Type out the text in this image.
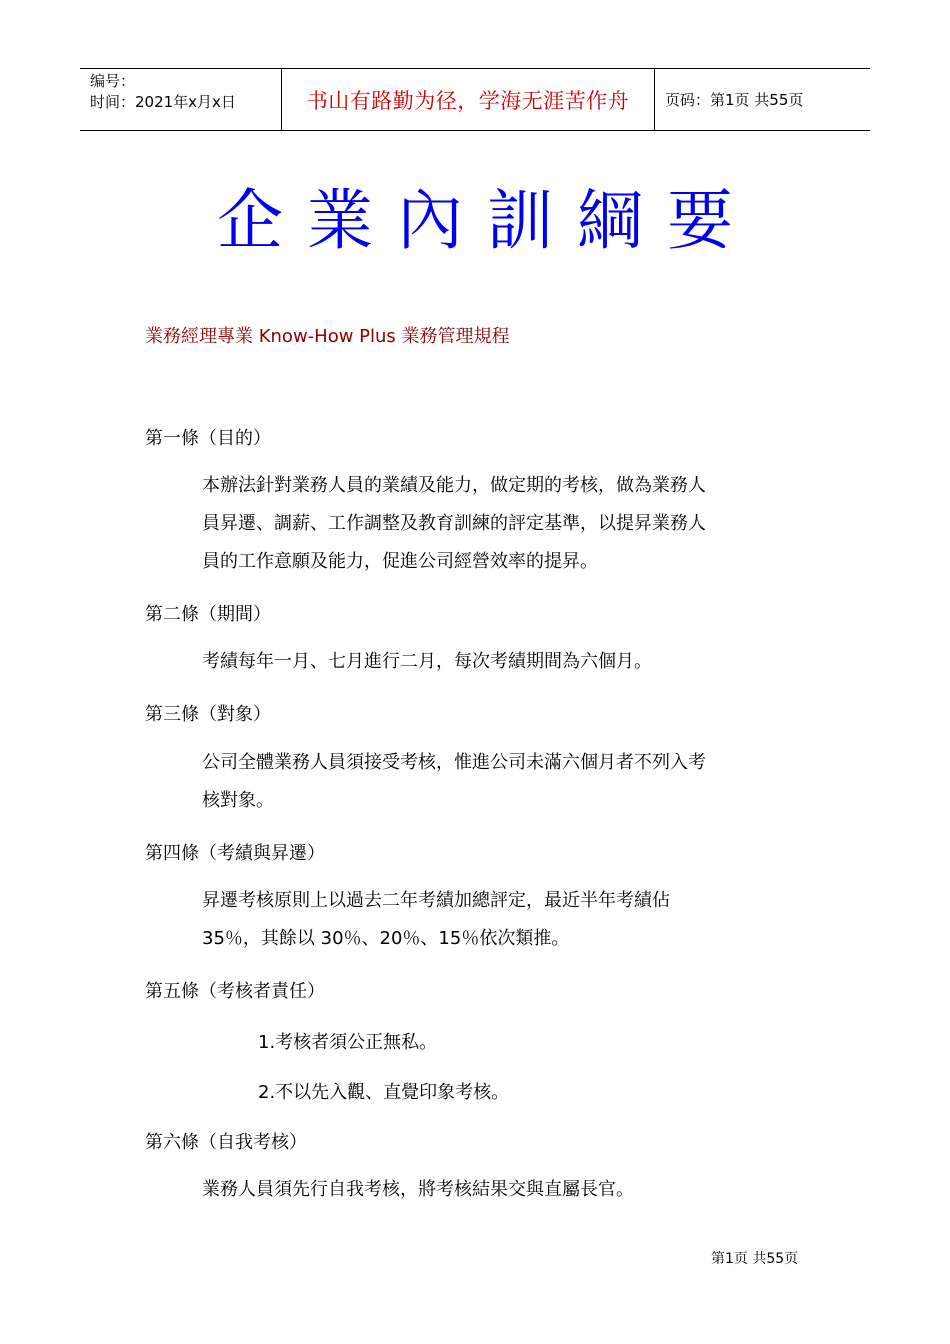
编号：
时间：2021年x月x日	书山有路勤为径，学海无涯苦作舟 页码：第1页 共55页
企業內訓綱要
業務經理專業 Know-How Plus 業務管理規程
第一條（目的）
本辦法針對業務人員的業績及能力，做定期的考核，做為業務人
員昇遷、調薪、工作調整及教育訓練的評定基準，以提昇業務人
員的工作意願及能力，促進公司經營效率的提昇。
第二條（期間）
考績每年一月、七月進行二月，每次考績期間為六個月。
第三條（對象）
公司全體業務人員須接受考核，惟進公司未滿六個月者不列入考
核對象。
第四條（考績與昇遷）
昇遷考核原則上以過去二年考績加總評定，最近半年考績佔
35％，其餘以 30％、20％、15％依次類推。
第五條（考核者責任）
1.考核者須公正無私。
2.不以先入觀、直覺印象考核。
第六條（自我考核）
業務人員須先行自我考核，將考核結果交與直屬長官。
第1页 共55页
